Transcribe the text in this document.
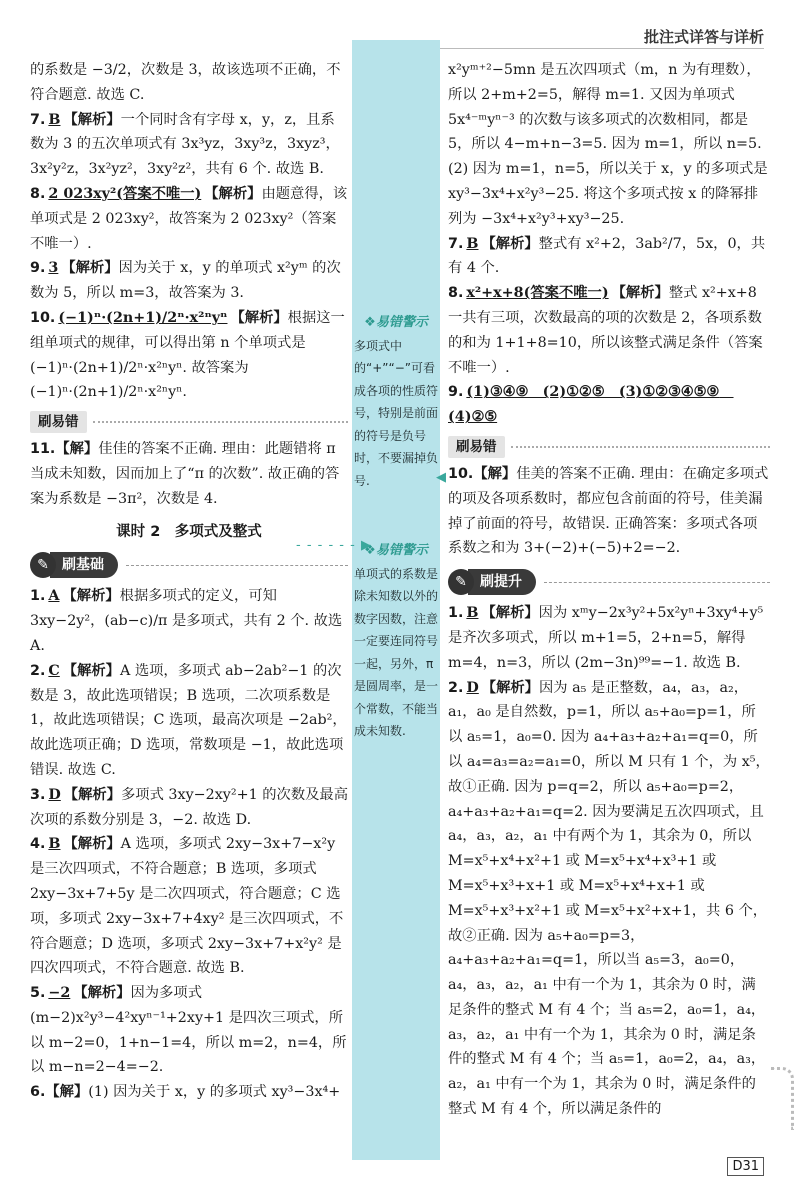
批注式详答与详析

的系数是 −3/2，次数是 3，故该选项不正确，不符合题意. 故选 C.

7. B 【解析】一个同时含有字母 x，y，z，且系数为 3 的五次单项式有 3x³yz，3xy³z，3xyz³，3x²y²z，3x²yz²，3xy²z²，共有 6 个. 故选 B.

8. 2 023xy²(答案不唯一) 【解析】由题意得，该单项式是 2 023xy²，故答案为 2 023xy²（答案不唯一）.

9. 3 【解析】因为关于 x，y 的单项式 x²yᵐ 的次数为 5，所以 m=3，故答案为 3.

10. (−1)ⁿ·(2n+1)/2ⁿ·x²ⁿyⁿ 【解析】根据这一组单项式的规律，可以得出第 n 个单项式是 (−1)ⁿ·(2n+1)/2ⁿ·x²ⁿyⁿ. 故答案为 (−1)ⁿ·(2n+1)/2ⁿ·x²ⁿyⁿ.

刷易错

11.【解】佳佳的答案不正确. 理由：此题错将 π 当成未知数，因而加上了“π 的次数”. 故正确的答案为系数是 −3π²，次数是 4.

课时 2　多项式及整式
✎ 刷基础

1. A 【解析】根据多项式的定义，可知 3xy−2y²，(ab−c)/π 是多项式，共有 2 个. 故选 A.

2. C 【解析】A 选项，多项式 ab−2ab²−1 的次数是 3，故此选项错误；B 选项，二次项系数是 1，故此选项错误；C 选项，最高次项是 −2ab²，故此选项正确；D 选项，常数项是 −1，故此选项错误. 故选 C.

3. D 【解析】多项式 3xy−2xy²+1 的次数及最高次项的系数分别是 3，−2. 故选 D.

4. B 【解析】A 选项，多项式 2xy−3x+7−x²y 是三次四项式，不符合题意；B 选项，多项式 2xy−3x+7+5y 是二次四项式，符合题意；C 选项，多项式 2xy−3x+7+4xy² 是三次四项式，不符合题意；D 选项，多项式 2xy−3x+7+x²y² 是四次四项式，不符合题意. 故选 B.

5. −2 【解析】因为多项式 (m−2)x²y³−4²xyⁿ⁻¹+2xy+1 是四次三项式，所以 m−2=0，1+n−1=4，所以 m=2，n=4，所以 m−n=2−4=−2.

6.【解】(1) 因为关于 x，y 的多项式 xy³−3x⁴+

x²yᵐ⁺²−5mn 是五次四项式（m，n 为有理数），所以 2+m+2=5，解得 m=1. 又因为单项式 5x⁴⁻ᵐyⁿ⁻³ 的次数与该多项式的次数相同，都是 5，所以 4−m+n−3=5. 因为 m=1，所以 n=5.

(2) 因为 m=1，n=5，所以关于 x，y 的多项式是 xy³−3x⁴+x²y³−25. 将这个多项式按 x 的降幂排列为 −3x⁴+x²y³+xy³−25.

7. B 【解析】整式有 x²+2，3ab²/7，5x，0，共有 4 个.

8. x²+x+8(答案不唯一) 【解析】整式 x²+x+8 一共有三项，次数最高的项的次数是 2，各项系数的和为 1+1+8=10，所以该整式满足条件（答案不唯一）.

9. (1)③④⑨　(2)①②⑤　(3)①②③④⑤⑨　(4)②⑤

刷易错

10.【解】佳美的答案不正确. 理由：在确定多项式的项及各项系数时，都应包含前面的符号，佳美漏掉了前面的符号，故错误. 正确答案：多项式各项系数之和为 3+(−2)+(−5)+2=−2.

✎ 刷提升

1. B 【解析】因为 xᵐy−2x³y²+5x²yⁿ+3xy⁴+y⁵ 是齐次多项式，所以 m+1=5，2+n=5，解得 m=4，n=3，所以 (2m−3n)⁹⁹=−1. 故选 B.

2. D 【解析】因为 a₅ 是正整数，a₄，a₃，a₂，a₁，a₀ 是自然数，p=1，所以 a₅+a₀=p=1，所以 a₅=1，a₀=0. 因为 a₄+a₃+a₂+a₁=q=0，所以 a₄=a₃=a₂=a₁=0，所以 M 只有 1 个，为 x⁵，故①正确. 因为 p=q=2，所以 a₅+a₀=p=2，a₄+a₃+a₂+a₁=q=2. 因为要满足五次四项式，且 a₄，a₃，a₂，a₁ 中有两个为 1，其余为 0，所以 M=x⁵+x⁴+x²+1 或 M=x⁵+x⁴+x³+1 或 M=x⁵+x³+x+1 或 M=x⁵+x⁴+x+1 或 M=x⁵+x³+x²+1 或 M=x⁵+x²+x+1，共 6 个，故②正确. 因为 a₅+a₀=p=3，a₄+a₃+a₂+a₁=q=1，所以当 a₅=3，a₀=0，a₄，a₃，a₂，a₁ 中有一个为 1，其余为 0 时，满足条件的整式 M 有 4 个；当 a₅=2，a₀=1，a₄，a₃，a₂，a₁ 中有一个为 1，其余为 0 时，满足条件的整式 M 有 4 个；当 a₅=1，a₀=2，a₄，a₃，a₂，a₁ 中有一个为 1，其余为 0 时，满足条件的整式 M 有 4 个，所以满足条件的

❖ 易错警示
多项式中的“+”“−”可看成各项的性质符号，特别是前面的符号是负号时，不要漏掉负号.	◀
❖ 易错警示
单项式的系数是除未知数以外的数字因数，注意一定要连同符号一起，另外，π 是圆周率，是一个常数，不能当成未知数.
- - - - - - ▶
D31
